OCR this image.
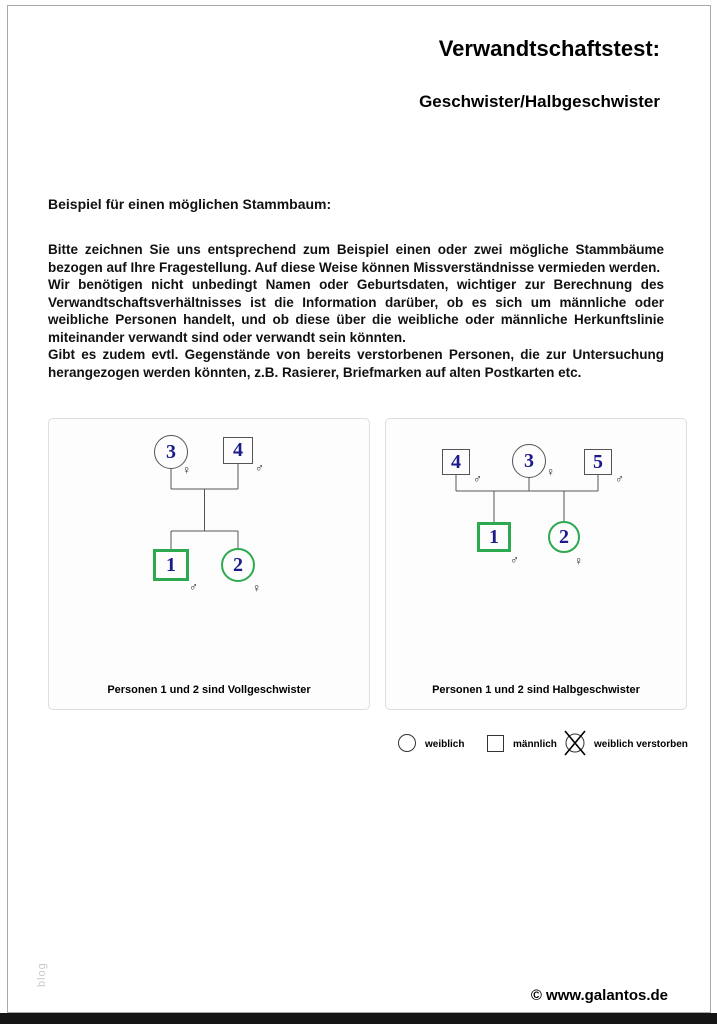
Verwandtschaftstest:
Geschwister/Halbgeschwister

Beispiel für einen möglichen Stammbaum:

Bitte zeichnen Sie uns entsprechend zum Beispiel einen oder zwei mögliche Stammbäume bezogen auf Ihre Fragestellung. Auf diese Weise können Missverständnisse vermieden werden.

Wir benötigen nicht unbedingt Namen oder Geburtsdaten, wichtiger zur Berechnung des Verwandtschaftsverhältnisses ist die Information darüber, ob es sich um männliche oder weibliche Personen handelt, und ob diese über die weibliche oder männliche Herkunftslinie miteinander verwandt sind oder verwandt sein könnten.

Gibt es zudem evtl. Gegenstände von bereits verstorbenen Personen, die zur Untersuchung herangezogen werden könnten, z.B. Rasierer, Briefmarken auf alten Postkarten etc.

3	4
1	2
♀	♂
♂	♀
Personen 1 und 2 sind Vollgeschwister
4	3	5
1	2
♂	♀	♂
♂	♀
Personen 1 und 2 sind Halbgeschwister
weiblich	männlich	weiblich verstorben
blog
© www.galantos.de
